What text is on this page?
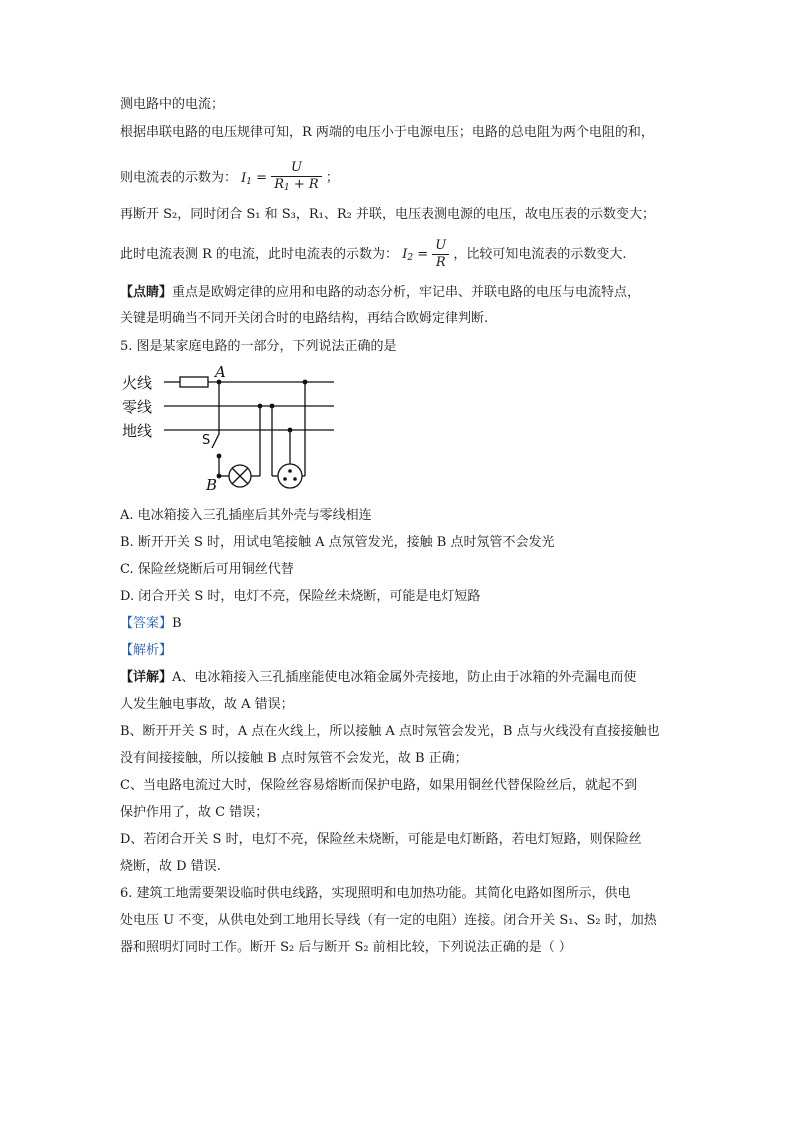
测电路中的电流；
根据串联电路的电压规律可知，R 两端的电压小于电源电压；电路的总电阻为两个电阻的和，
则电流表的示数为： $I_1 = \frac{U}{R_1 + R}$ ；
再断开 S₂，同时闭合 S₁ 和 S₃，R₁、R₂ 并联，电压表测电源的电压，故电压表的示数变大；
此时电流表测 R 的电流，此时电流表的示数为： $I_2 = \frac{U}{R}$ ，比较可知电流表的示数变大.
【点睛】重点是欧姆定律的应用和电路的动态分析，牢记串、并联电路的电压与电流特点，
关键是明确当不同开关闭合时的电路结构，再结合欧姆定律判断.
5. 图是某家庭电路的一部分，下列说法正确的是
火线
零线
地线
A
B
S
A. 电冰箱接入三孔插座后其外壳与零线相连
B. 断开开关 S 时，用试电笔接触 A 点氖管发光，接触 B 点时氖管不会发光
C. 保险丝烧断后可用铜丝代替
D. 闭合开关 S 时，电灯不亮，保险丝未烧断，可能是电灯短路
【答案】B
【解析】
【详解】A、电冰箱接入三孔插座能使电冰箱金属外壳接地，防止由于冰箱的外壳漏电而使
人发生触电事故，故 A 错误；
B、断开开关 S 时，A 点在火线上，所以接触 A 点时氖管会发光，B 点与火线没有直接接触也
没有间接接触，所以接触 B 点时氖管不会发光，故 B 正确；
C、当电路电流过大时，保险丝容易熔断而保护电路，如果用铜丝代替保险丝后，就起不到
保护作用了，故 C 错误；
D、若闭合开关 S 时，电灯不亮，保险丝未烧断，可能是电灯断路，若电灯短路，则保险丝
烧断，故 D 错误.
6. 建筑工地需要架设临时供电线路，实现照明和电加热功能。其简化电路如图所示，供电
处电压 U 不变，从供电处到工地用长导线（有一定的电阻）连接。闭合开关 S₁、S₂ 时，加热
器和照明灯同时工作。断开 S₂ 后与断开 S₂ 前相比较，下列说法正确的是（ ）
